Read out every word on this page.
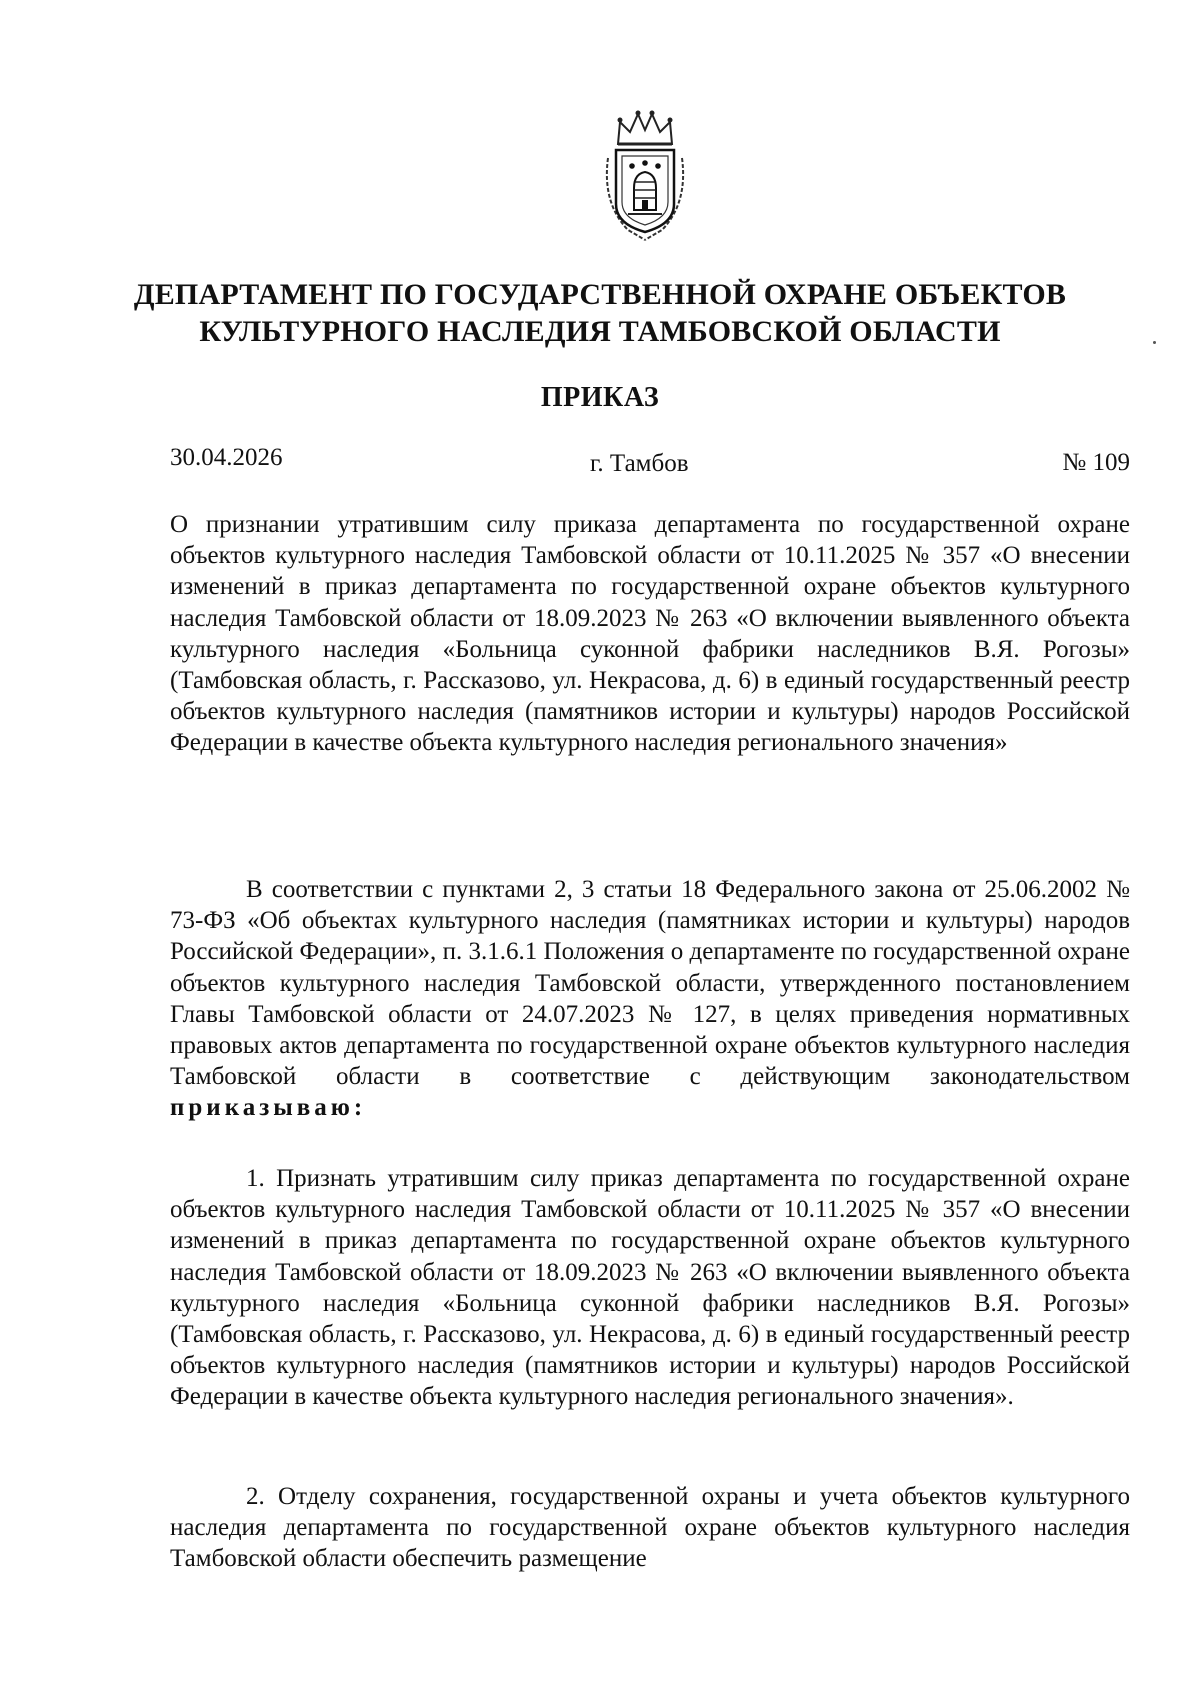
ДЕПАРТАМЕНТ ПО ГОСУДАРСТВЕННОЙ ОХРАНЕ ОБЪЕКТОВ
КУЛЬТУРНОГО НАСЛЕДИЯ ТАМБОВСКОЙ ОБЛАСТИ
ПРИКАЗ
30.04.2026	г. Тамбов	№ 109
О признании утратившим силу приказа департамента по государственной охране объектов культурного наследия Тамбовской области от 10.11.2025 № 357 «О внесении изменений в приказ департамента по государственной охране объектов культурного наследия Тамбовской области от 18.09.2023 № 263 «О включении выявленного объекта культурного наследия «Больница суконной фабрики наследников В.Я. Рогозы» (Тамбовская область, г. Рассказово, ул. Некрасова, д. 6) в единый государственный реестр объектов культурного наследия (памятников истории и культуры) народов Российской Федерации в качестве объекта культурного наследия регионального значения»
В соответствии с пунктами 2, 3 статьи 18 Федерального закона от 25.06.2002 № 73-ФЗ «Об объектах культурного наследия (памятниках истории и культуры) народов Российской Федерации», п. 3.1.6.1 Положения о департаменте по государственной охране объектов культурного наследия Тамбовской области, утвержденного постановлением Главы Тамбовской области от 24.07.2023 № 127, в целях приведения нормативных правовых актов департамента по государственной охране объектов культурного наследия Тамбовской области в соответствие с действующим законодательством приказываю:
1. Признать утратившим силу приказ департамента по государственной охране объектов культурного наследия Тамбовской области от 10.11.2025 № 357 «О внесении изменений в приказ департамента по государственной охране объектов культурного наследия Тамбовской области от 18.09.2023 № 263 «О включении выявленного объекта культурного наследия «Больница суконной фабрики наследников В.Я. Рогозы» (Тамбовская область, г. Рассказово, ул. Некрасова, д. 6) в единый государственный реестр объектов культурного наследия (памятников истории и культуры) народов Российской Федерации в качестве объекта культурного наследия регионального значения».
2. Отделу сохранения, государственной охраны и учета объектов культурного наследия департамента по государственной охране объектов культурного наследия Тамбовской области обеспечить размещение
